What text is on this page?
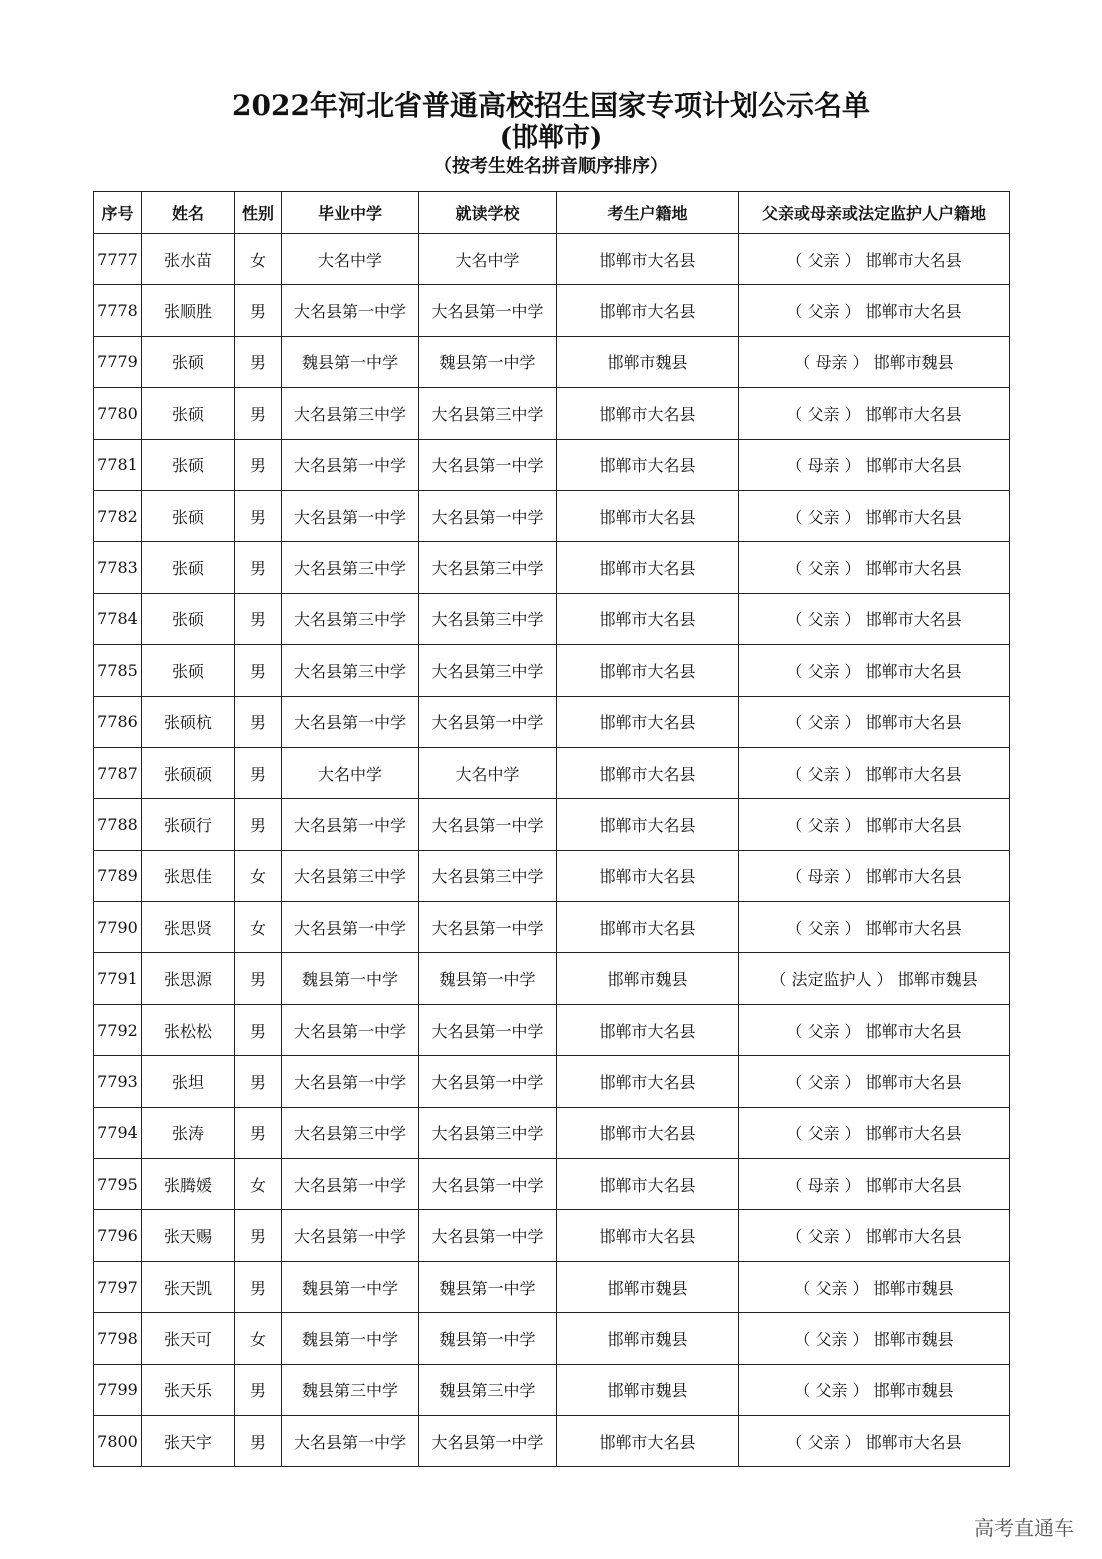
2022年河北省普通高校招生国家专项计划公示名单
(邯郸市)
（按考生姓名拼音顺序排序）
序号	姓名	性别	毕业中学	就读学校	考生户籍地	父亲或母亲或法定监护人户籍地
7777	张水苗	女	大名中学	大名中学	邯郸市大名县	（ 父亲 ） 邯郸市大名县
7778	张顺胜	男	大名县第一中学	大名县第一中学	邯郸市大名县	（ 父亲 ） 邯郸市大名县
7779	张硕	男	魏县第一中学	魏县第一中学	邯郸市魏县	（ 母亲 ） 邯郸市魏县
7780	张硕	男	大名县第三中学	大名县第三中学	邯郸市大名县	（ 父亲 ） 邯郸市大名县
7781	张硕	男	大名县第一中学	大名县第一中学	邯郸市大名县	（ 母亲 ） 邯郸市大名县
7782	张硕	男	大名县第一中学	大名县第一中学	邯郸市大名县	（ 父亲 ） 邯郸市大名县
7783	张硕	男	大名县第三中学	大名县第三中学	邯郸市大名县	（ 父亲 ） 邯郸市大名县
7784	张硕	男	大名县第三中学	大名县第三中学	邯郸市大名县	（ 父亲 ） 邯郸市大名县
7785	张硕	男	大名县第三中学	大名县第三中学	邯郸市大名县	（ 父亲 ） 邯郸市大名县
7786	张硕杭	男	大名县第一中学	大名县第一中学	邯郸市大名县	（ 父亲 ） 邯郸市大名县
7787	张硕硕	男	大名中学	大名中学	邯郸市大名县	（ 父亲 ） 邯郸市大名县
7788	张硕行	男	大名县第一中学	大名县第一中学	邯郸市大名县	（ 父亲 ） 邯郸市大名县
7789	张思佳	女	大名县第三中学	大名县第三中学	邯郸市大名县	（ 母亲 ） 邯郸市大名县
7790	张思贤	女	大名县第一中学	大名县第一中学	邯郸市大名县	（ 父亲 ） 邯郸市大名县
7791	张思源	男	魏县第一中学	魏县第一中学	邯郸市魏县	（ 法定监护人 ） 邯郸市魏县
7792	张松松	男	大名县第一中学	大名县第一中学	邯郸市大名县	（ 父亲 ） 邯郸市大名县
7793	张坦	男	大名县第一中学	大名县第一中学	邯郸市大名县	（ 父亲 ） 邯郸市大名县
7794	张涛	男	大名县第三中学	大名县第三中学	邯郸市大名县	（ 父亲 ） 邯郸市大名县
7795	张腾媛	女	大名县第一中学	大名县第一中学	邯郸市大名县	（ 母亲 ） 邯郸市大名县
7796	张天赐	男	大名县第一中学	大名县第一中学	邯郸市大名县	（ 父亲 ） 邯郸市大名县
7797	张天凯	男	魏县第一中学	魏县第一中学	邯郸市魏县	（ 父亲 ） 邯郸市魏县
7798	张天可	女	魏县第一中学	魏县第一中学	邯郸市魏县	（ 父亲 ） 邯郸市魏县
7799	张天乐	男	魏县第三中学	魏县第三中学	邯郸市魏县	（ 父亲 ） 邯郸市魏县
7800	张天宇	男	大名县第一中学	大名县第一中学	邯郸市大名县	（ 父亲 ） 邯郸市大名县
高考直通车
